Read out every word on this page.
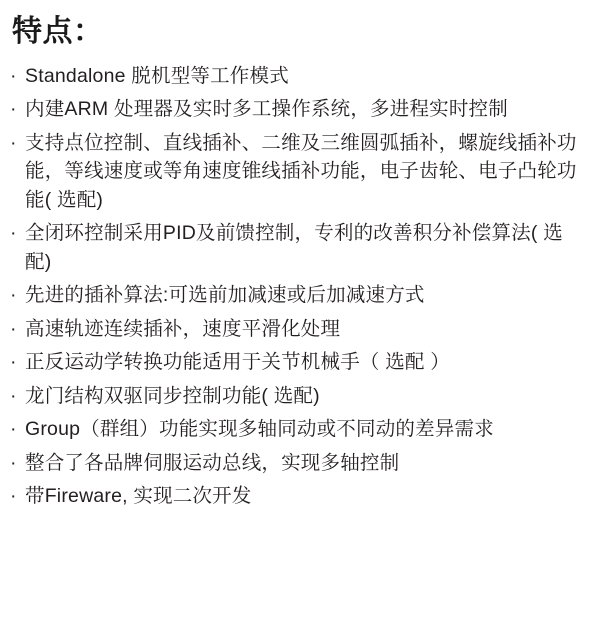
特点：
· Standalone 脱机型等工作模式
· 内建ARM 处理器及实时多工操作系统，多进程实时控制
· 支持点位控制、直线插补、二维及三维圆弧插补，螺旋线插补功能，等线速度或等角速度锥线插补功能，电子齿轮、电子凸轮功能( 选配)
· 全闭环控制采用PID及前馈控制，专利的改善积分补偿算法( 选配)
· 先进的插补算法:可选前加减速或后加减速方式
· 高速轨迹连续插补，速度平滑化处理
· 正反运动学转换功能适用于关节机械手（ 选配 ）
· 龙门结构双驱同步控制功能( 选配)
· Group（群组）功能实现多轴同动或不同动的差异需求
· 整合了各品牌伺服运动总线，实现多轴控制
· 带Fireware, 实现二次开发
